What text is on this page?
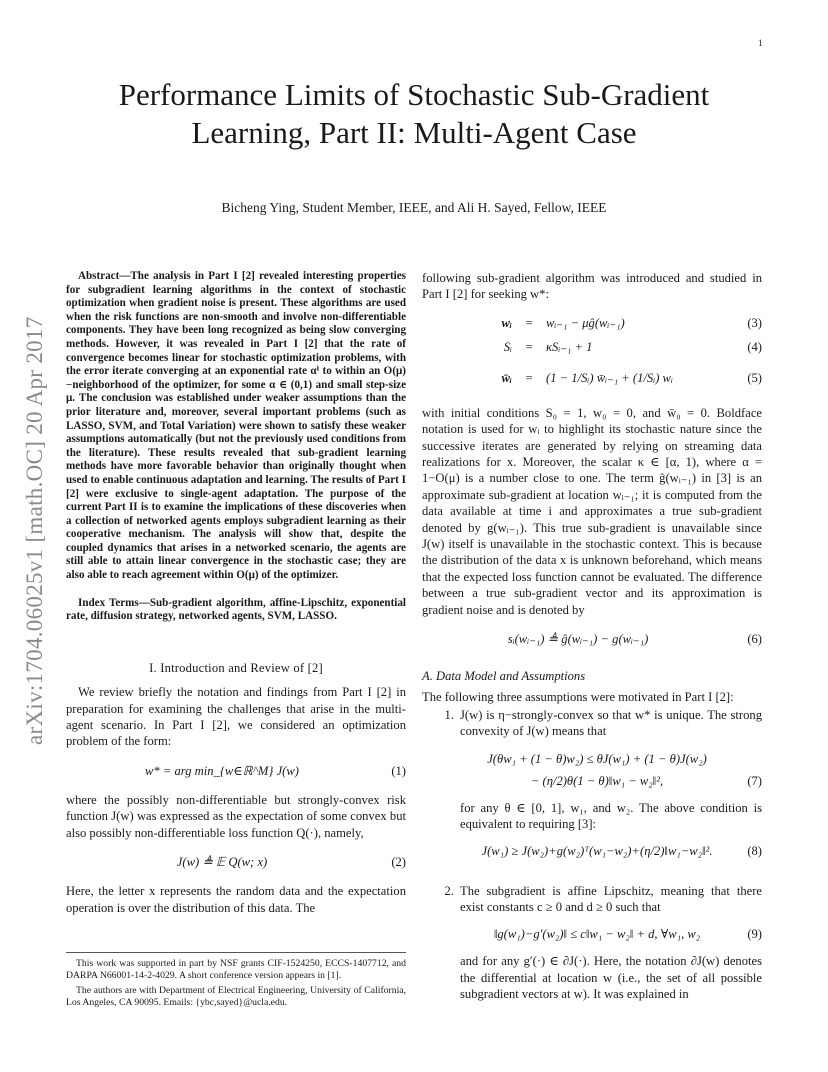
1
arXiv:1704.06025v1 [math.OC] 20 Apr 2017
Performance Limits of Stochastic Sub-Gradient Learning, Part II: Multi-Agent Case
Bicheng Ying, Student Member, IEEE, and Ali H. Sayed, Fellow, IEEE

Abstract—The analysis in Part I [2] revealed interesting properties for subgradient learning algorithms in the context of stochastic optimization when gradient noise is present. These algorithms are used when the risk functions are non-smooth and involve non-differentiable components. They have been long recognized as being slow converging methods. However, it was revealed in Part I [2] that the rate of convergence becomes linear for stochastic optimization problems, with the error iterate converging at an exponential rate αⁱ to within an O(μ)−neighborhood of the optimizer, for some α ∈ (0,1) and small step-size μ. The conclusion was established under weaker assumptions than the prior literature and, moreover, several important problems (such as LASSO, SVM, and Total Variation) were shown to satisfy these weaker assumptions automatically (but not the previously used conditions from the literature). These results revealed that sub-gradient learning methods have more favorable behavior than originally thought when used to enable continuous adaptation and learning. The results of Part I [2] were exclusive to single-agent adaptation. The purpose of the current Part II is to examine the implications of these discoveries when a collection of networked agents employs subgradient learning as their cooperative mechanism. The analysis will show that, despite the coupled dynamics that arises in a networked scenario, the agents are still able to attain linear convergence in the stochastic case; they are also able to reach agreement within O(μ) of the optimizer.

Index Terms—Sub-gradient algorithm, affine-Lipschitz, exponential rate, diffusion strategy, networked agents, SVM, LASSO.

I. Introduction and Review of [2]

We review briefly the notation and findings from Part I [2] in preparation for examining the challenges that arise in the multi-agent scenario. In Part I [2], we considered an optimization problem of the form:

w* = arg min_{w∈ℝ^M} J(w)	(1)

where the possibly non-differentiable but strongly-convex risk function J(w) was expressed as the expectation of some convex but also possibly non-differentiable loss function Q(·), namely,

J(w) ≜ 𝔼 Q(w; x)	(2)

Here, the letter x represents the random data and the expectation operation is over the distribution of this data. The

This work was supported in part by NSF grants CIF-1524250, ECCS-1407712, and DARPA N66001-14-2-4029. A short conference version appears in [1].

The authors are with Department of Electrical Engineering, University of California, Los Angeles, CA 90095. Emails: {ybc,sayed}@ucla.edu.

following sub-gradient algorithm was introduced and studied in Part I [2] for seeking w*:

wᵢ	=	wᵢ₋₁ − μĝ(wᵢ₋₁)	(3)
Sᵢ	=	κSᵢ₋₁ + 1	(4)
w̄ᵢ	=	(1 − 1/Sᵢ) w̄ᵢ₋₁ + (1/Sᵢ) wᵢ	(5)

with initial conditions S₀ = 1, w₀ = 0, and w̄₀ = 0. Boldface notation is used for wᵢ to highlight its stochastic nature since the successive iterates are generated by relying on streaming data realizations for x. Moreover, the scalar κ ∈ [α, 1), where α = 1−O(μ) is a number close to one. The term ĝ(wᵢ₋₁) in [3] is an approximate sub-gradient at location wᵢ₋₁; it is computed from the data available at time i and approximates a true sub-gradient denoted by g(wᵢ₋₁). This true sub-gradient is unavailable since J(w) itself is unavailable in the stochastic context. This is because the distribution of the data x is unknown beforehand, which means that the expected loss function cannot be evaluated. The difference between a true sub-gradient vector and its approximation is gradient noise and is denoted by

sᵢ(wᵢ₋₁) ≜ ĝ(wᵢ₋₁) − g(wᵢ₋₁)	(6)
A. Data Model and Assumptions

The following three assumptions were motivated in Part I [2]:

1. J(w) is η−strongly-convex so that w* is unique. The strong convexity of J(w) means that
J(θw₁ + (1 − θ)w₂) ≤ θJ(w₁) + (1 − θ)J(w₂)
− (η/2)θ(1 − θ)‖w₁ − w₂‖²,	(7)
for any θ ∈ [0, 1], w₁, and w₂. The above condition is equivalent to requiring [3]:
J(w₁) ≥ J(w₂)+g(w₂)ᵀ(w₁−w₂)+(η/2)‖w₁−w₂‖².	(8)
2. The subgradient is affine Lipschitz, meaning that there exist constants c ≥ 0 and d ≥ 0 such that
‖g(w₁)−g′(w₂)‖ ≤ c‖w₁ − w₂‖ + d, ∀w₁, w₂	(9)
and for any g′(·) ∈ ∂J(·). Here, the notation ∂J(w) denotes the differential at location w (i.e., the set of all possible subgradient vectors at w). It was explained in
